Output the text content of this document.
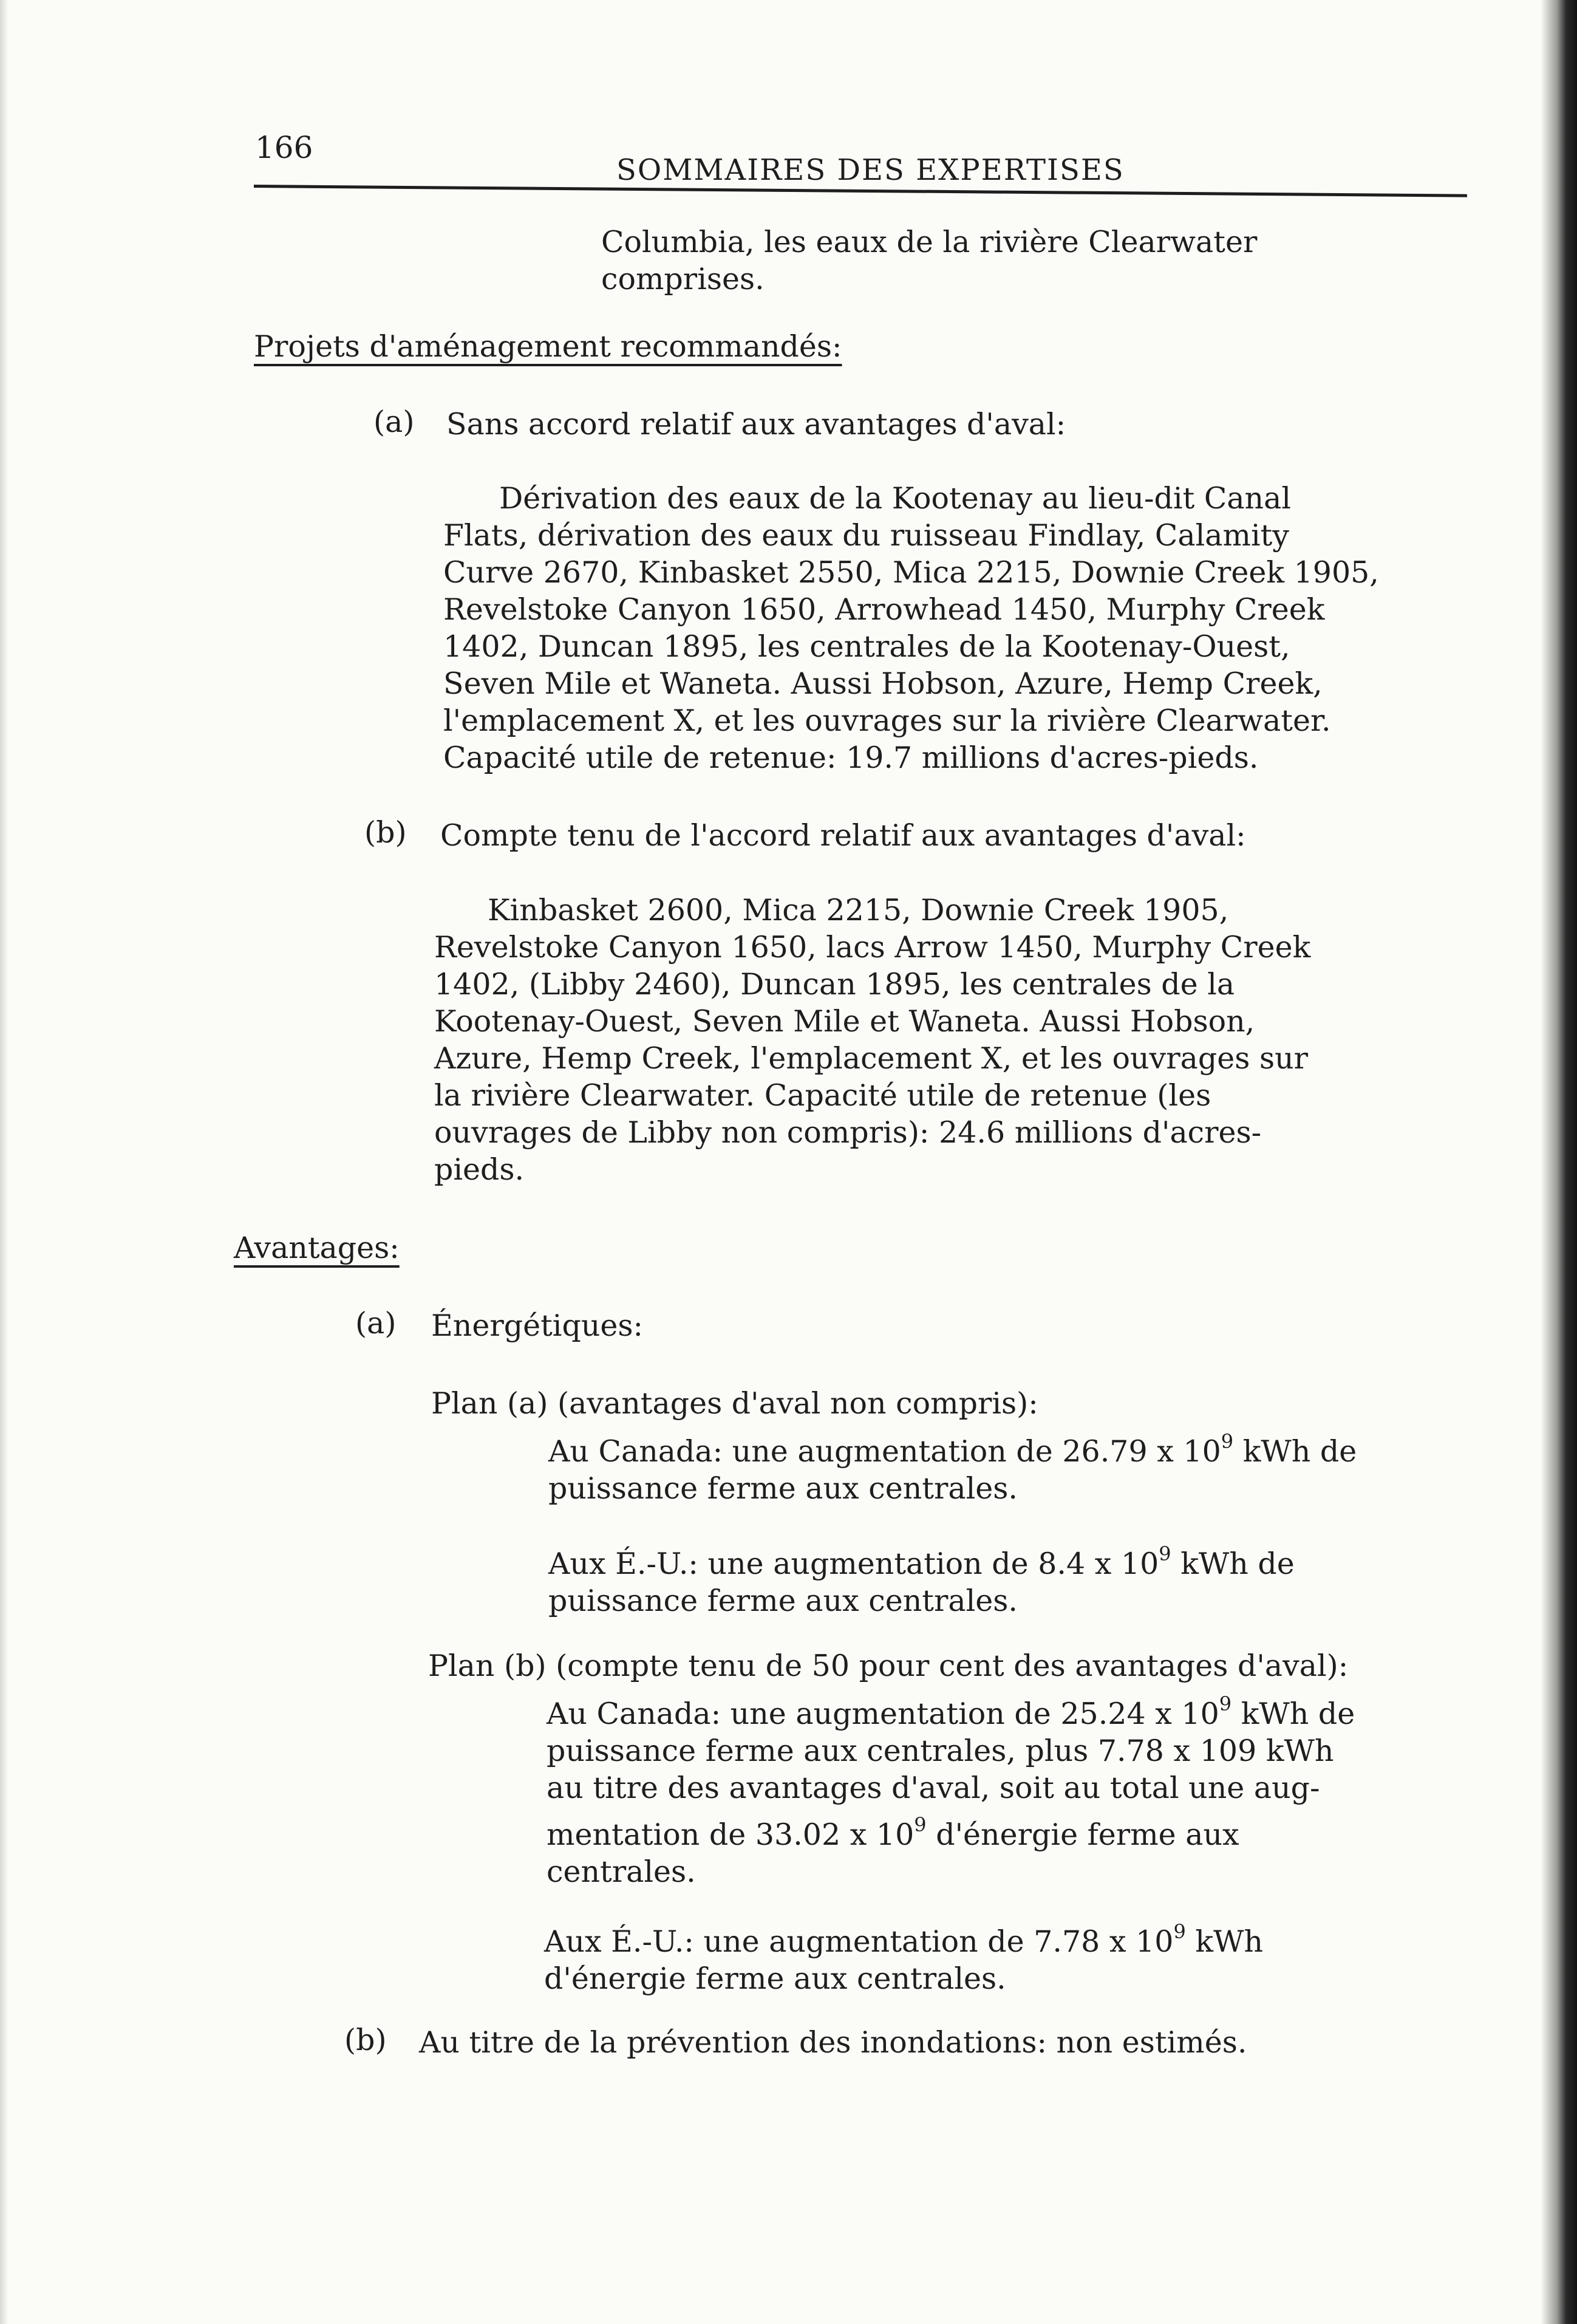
166
SOMMAIRES DES EXPERTISES
Columbia, les eaux de la rivière Clearwater
comprises.
Projets d'aménagement recommandés:
(a) Sans accord relatif aux avantages d'aval:
Dérivation des eaux de la Kootenay au lieu-dit Canal
Flats, dérivation des eaux du ruisseau Findlay, Calamity
Curve 2670, Kinbasket 2550, Mica 2215, Downie Creek 1905,
Revelstoke Canyon 1650, Arrowhead 1450, Murphy Creek
1402, Duncan 1895, les centrales de la Kootenay-Ouest,
Seven Mile et Waneta. Aussi Hobson, Azure, Hemp Creek,
l'emplacement X, et les ouvrages sur la rivière Clearwater.
Capacité utile de retenue: 19.7 millions d'acres-pieds.
(b) Compte tenu de l'accord relatif aux avantages d'aval:
Kinbasket 2600, Mica 2215, Downie Creek 1905,
Revelstoke Canyon 1650, lacs Arrow 1450, Murphy Creek
1402, (Libby 2460), Duncan 1895, les centrales de la
Kootenay-Ouest, Seven Mile et Waneta. Aussi Hobson,
Azure, Hemp Creek, l'emplacement X, et les ouvrages sur
la rivière Clearwater. Capacité utile de retenue (les
ouvrages de Libby non compris): 24.6 millions d'acres-
pieds.
Avantages:
(a) Énergétiques:
Plan (a) (avantages d'aval non compris):
Au Canada: une augmentation de 26.79 x $10^9$ kWh de
puissance ferme aux centrales.
Aux É.-U.: une augmentation de 8.4 x $10^9$ kWh de
puissance ferme aux centrales.
Plan (b) (compte tenu de 50 pour cent des avantages d'aval):
Au Canada: une augmentation de 25.24 x $10^9$ kWh de
puissance ferme aux centrales, plus 7.78 x 109 kWh
au titre des avantages d'aval, soit au total une aug-
mentation de 33.02 x $10^9$ d'énergie ferme aux
centrales.
Aux É.-U.: une augmentation de 7.78 x $10^9$ kWh
d'énergie ferme aux centrales.
(b) Au titre de la prévention des inondations: non estimés.
